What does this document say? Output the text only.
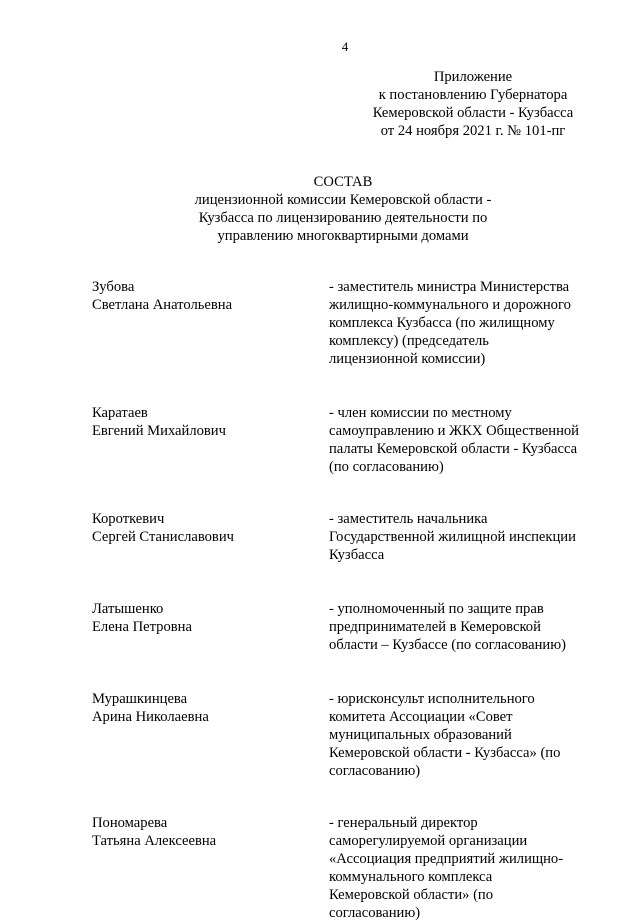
4
Приложение
к постановлению Губернатора
Кемеровской области - Кузбасса
от 24 ноября 2021 г. № 101-пг
СОСТАВ
лицензионной комиссии Кемеровской области -
Кузбасса по лицензированию деятельности по
управлению многоквартирными домами
Зубова
Светлана Анатольевна
- заместитель министра Министерства
жилищно-коммунального и дорожного
комплекса Кузбасса (по жилищному
комплексу) (председатель
лицензионной комиссии)
Каратаев
Евгений Михайлович
- член комиссии по местному
самоуправлению и ЖКХ Общественной
палаты Кемеровской области - Кузбасса
(по согласованию)
Короткевич
Сергей Станиславович
- заместитель начальника
Государственной жилищной инспекции
Кузбасса
Латышенко
Елена Петровна
- уполномоченный по защите прав
предпринимателей в Кемеровской
области – Кузбассе (по согласованию)
Мурашкинцева
Арина Николаевна
- юрисконсульт исполнительного
комитета Ассоциации «Совет
муниципальных образований
Кемеровской области - Кузбасса» (по
согласованию)
Пономарева
Татьяна Алексеевна
- генеральный директор
саморегулируемой организации
«Ассоциация предприятий жилищно-
коммунального комплекса
Кемеровской области» (по
согласованию)
